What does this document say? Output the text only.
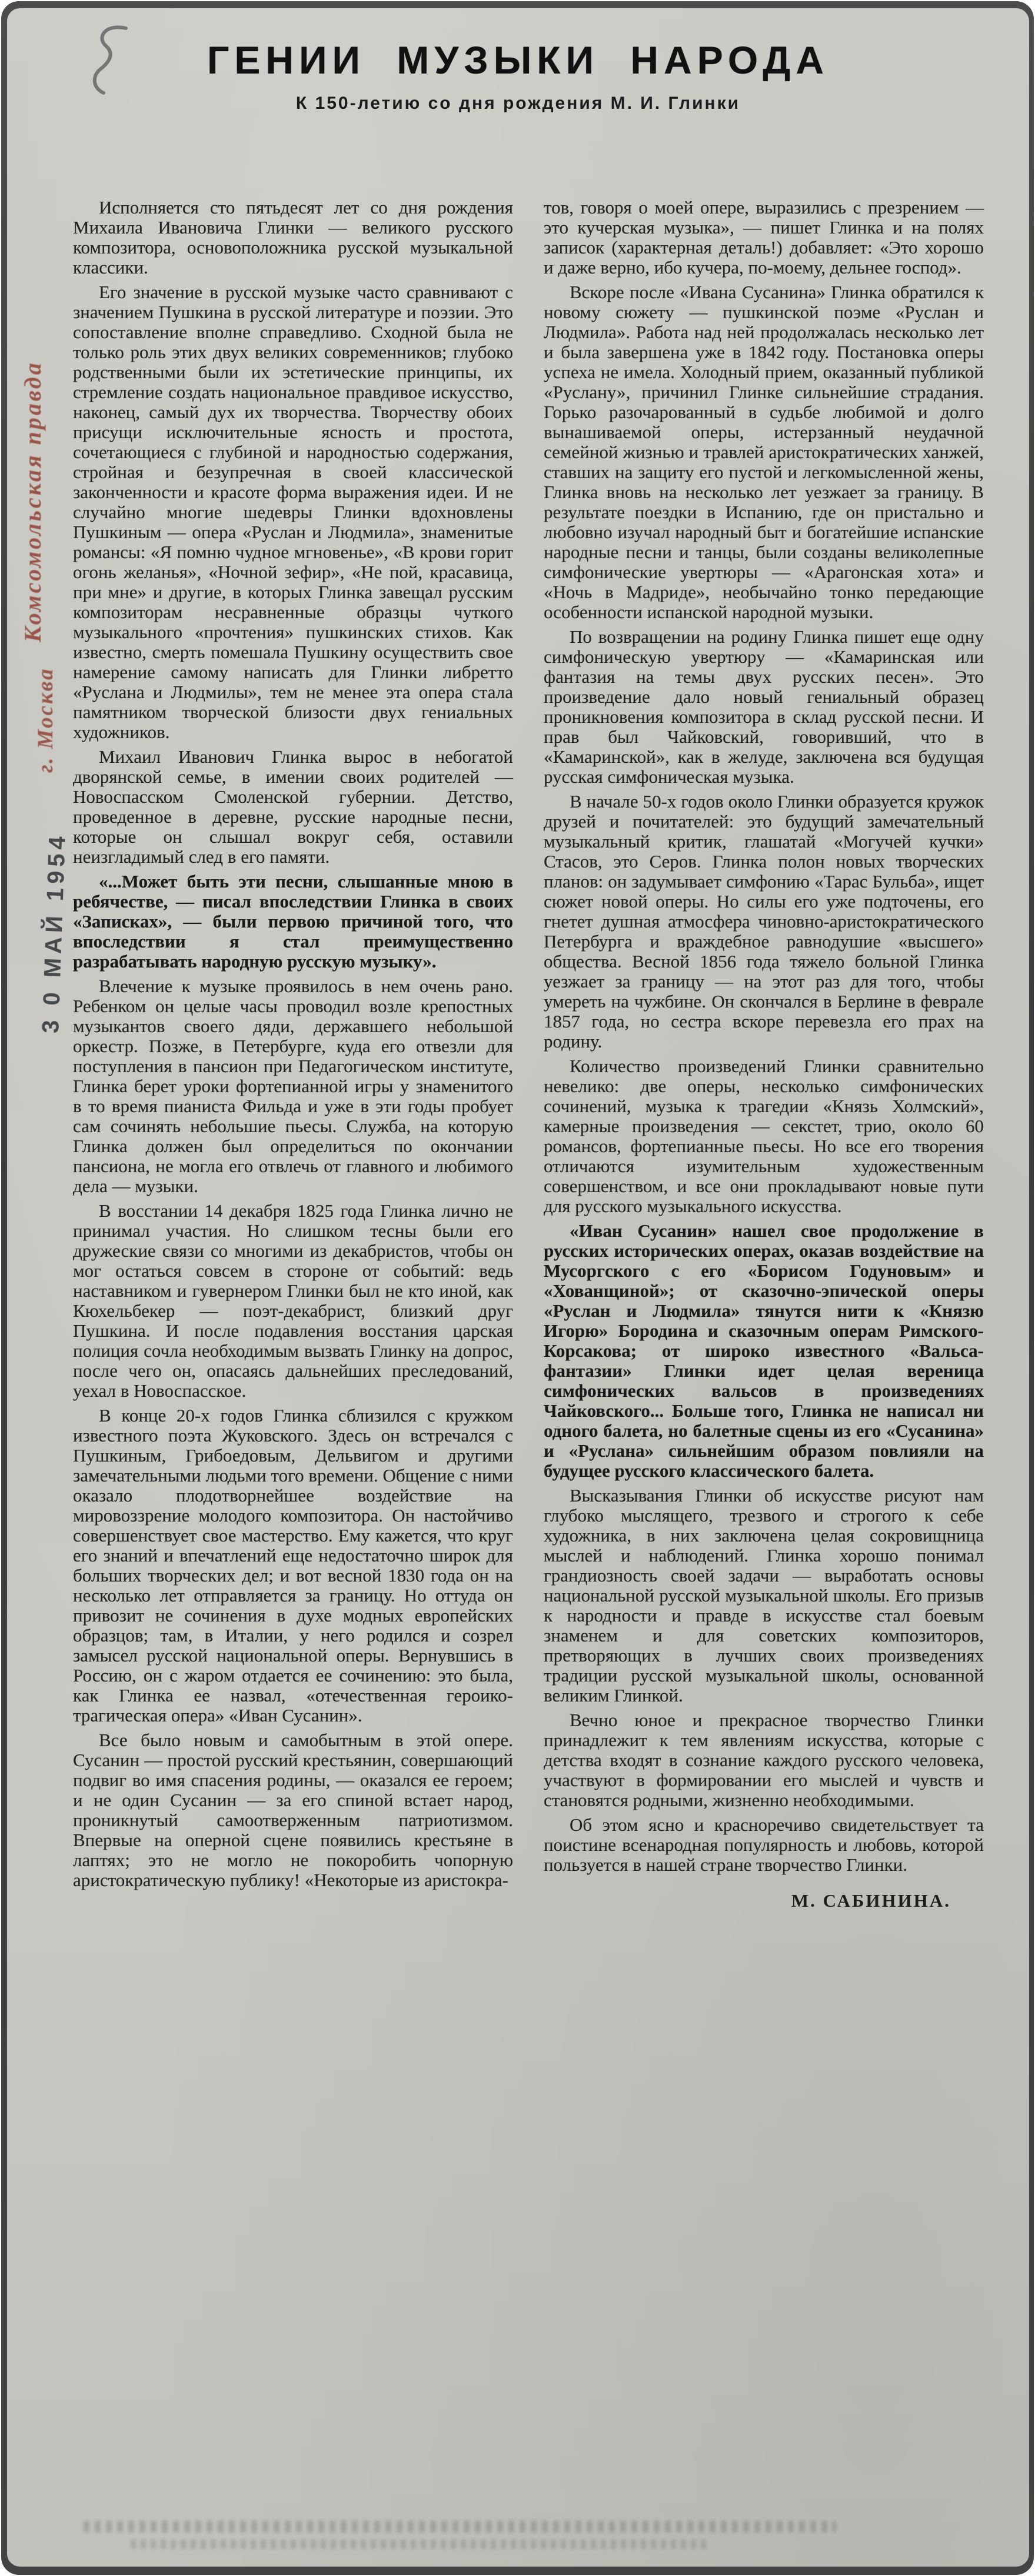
ГЕНИИ МУЗЫКИ НАРОДА
К 150-летию со дня рождения М. И. Глинки
Комсомольская правда
г. Москва
3 0 МАЙ 1954

Исполняется сто пятьдесят лет со дня рождения Михаила Ивановича Глинки — великого русского композитора, основоположника русской музыкальной классики.

Его значение в русской музыке часто сравнивают с значением Пушкина в русской литературе и поэзии. Это сопоставление вполне справедливо. Сходной была не только роль этих двух великих современников; глубоко родственными были их эстетические принципы, их стремление создать национальное правдивое искусство, наконец, самый дух их творчества. Творчеству обоих присущи исключительные ясность и простота, сочетающиеся с глубиной и народностью содержания, стройная и безупречная в своей классической законченности и красоте форма выражения идеи. И не случайно многие шедевры Глинки вдохновлены Пушкиным — опера «Руслан и Людмила», знаменитые романсы: «Я помню чудное мгновенье», «В крови горит огонь желанья», «Ночной зефир», «Не пой, красавица, при мне» и другие, в которых Глинка завещал русским композиторам несравненные образцы чуткого музыкального «прочтения» пушкинских стихов. Как известно, смерть помешала Пушкину осуществить свое намерение самому написать для Глинки либретто «Руслана и Людмилы», тем не менее эта опера стала памятником творческой близости двух гениальных художников.

Михаил Иванович Глинка вырос в небогатой дворянской семье, в имении своих родителей — Новоспасском Смоленской губернии. Детство, проведенное в деревне, русские народные песни, которые он слышал вокруг себя, оставили неизгладимый след в его памяти.

«...Может быть эти песни, слышанные мною в ребячестве, — писал впоследствии Глинка в своих «Записках», — были первою причиной того, что впоследствии я стал преимущественно разрабатывать народную русскую музыку».

Влечение к музыке проявилось в нем очень рано. Ребенком он целые часы проводил возле крепостных музыкантов своего дяди, державшего небольшой оркестр. Позже, в Петербурге, куда его отвезли для поступления в пансион при Педагогическом институте, Глинка берет уроки фортепианной игры у знаменитого в то время пианиста Фильда и уже в эти годы пробует сам сочинять небольшие пьесы. Служба, на которую Глинка должен был определиться по окончании пансиона, не могла его отвлечь от главного и любимого дела — музыки.

В восстании 14 декабря 1825 года Глинка лично не принимал участия. Но слишком тесны были его дружеские связи со многими из декабристов, чтобы он мог остаться совсем в стороне от событий: ведь наставником и гувернером Глинки был не кто иной, как Кюхельбекер — поэт-декабрист, близкий друг Пушкина. И после подавления восстания царская полиция сочла необходимым вызвать Глинку на допрос, после чего он, опасаясь дальнейших преследований, уехал в Новоспасское.

В конце 20-х годов Глинка сблизился с кружком известного поэта Жуковского. Здесь он встречался с Пушкиным, Грибоедовым, Дельвигом и другими замечательными людьми того времени. Общение с ними оказало плодотворнейшее воздействие на мировоззрение молодого композитора. Он настойчиво совершенствует свое мастерство. Ему кажется, что круг его знаний и впечатлений еще недостаточно широк для больших творческих дел; и вот весной 1830 года он на несколько лет отправляется за границу. Но оттуда он привозит не сочинения в духе модных европейских образцов; там, в Италии, у него родился и созрел замысел русской национальной оперы. Вернувшись в Россию, он с жаром отдается ее сочинению: это была, как Глинка ее назвал, «отечественная героико-трагическая опера» «Иван Сусанин».

Все было новым и самобытным в этой опере. Сусанин — простой русский крестьянин, совершающий подвиг во имя спасения родины, — оказался ее героем; и не один Сусанин — за его спиной встает народ, проникнутый самоотверженным патриотизмом. Впервые на оперной сцене появились крестьяне в лаптях; это не могло не покоробить чопорную аристократическую публику! «Некоторые из аристокра-

тов, говоря о моей опере, выразились с презрением — это кучерская музыка», — пишет Глинка и на полях записок (характерная деталь!) добавляет: «Это хорошо и даже верно, ибо кучера, по-моему, дельнее господ».

Вскоре после «Ивана Сусанина» Глинка обратился к новому сюжету — пушкинской поэме «Руслан и Людмила». Работа над ней продолжалась несколько лет и была завершена уже в 1842 году. Постановка оперы успеха не имела. Холодный прием, оказанный публикой «Руслану», причинил Глинке сильнейшие страдания. Горько разочарованный в судьбе любимой и долго вынашиваемой оперы, истерзанный неудачной семейной жизнью и травлей аристократических ханжей, ставших на защиту его пустой и легкомысленной жены, Глинка вновь на несколько лет уезжает за границу. В результате поездки в Испанию, где он пристально и любовно изучал народный быт и богатейшие испанские народные песни и танцы, были созданы великолепные симфонические увертюры — «Арагонская хота» и «Ночь в Мадриде», необычайно тонко передающие особенности испанской народной музыки.

По возвращении на родину Глинка пишет еще одну симфоническую увертюру — «Камаринская или фантазия на темы двух русских песен». Это произведение дало новый гениальный образец проникновения композитора в склад русской песни. И прав был Чайковский, говоривший, что в «Камаринской», как в желуде, заключена вся будущая русская симфоническая музыка.

В начале 50-х годов около Глинки образуется кружок друзей и почитателей: это будущий замечательный музыкальный критик, глашатай «Могучей кучки» Стасов, это Серов. Глинка полон новых творческих планов: он задумывает симфонию «Тарас Бульба», ищет сюжет новой оперы. Но силы его уже подточены, его гнетет душная атмосфера чиновно-аристократического Петербурга и враждебное равнодушие «высшего» общества. Весной 1856 года тяжело больной Глинка уезжает за границу — на этот раз для того, чтобы умереть на чужбине. Он скончался в Берлине в феврале 1857 года, но сестра вскоре перевезла его прах на родину.

Количество произведений Глинки сравнительно невелико: две оперы, несколько симфонических сочинений, музыка к трагедии «Князь Холмский», камерные произведения — секстет, трио, около 60 романсов, фортепианные пьесы. Но все его творения отличаются изумительным художественным совершенством, и все они прокладывают новые пути для русского музыкального искусства.

«Иван Сусанин» нашел свое продолжение в русских исторических операх, оказав воздействие на Мусоргского с его «Борисом Годуновым» и «Хованщиной»; от сказочно-эпической оперы «Руслан и Людмила» тянутся нити к «Князю Игорю» Бородина и сказочным операм Римского-Корсакова; от широко известного «Вальса-фантазии» Глинки идет целая вереница симфонических вальсов в произведениях Чайковского... Больше того, Глинка не написал ни одного балета, но балетные сцены из его «Сусанина» и «Руслана» сильнейшим образом повлияли на будущее русского классического балета.

Высказывания Глинки об искусстве рисуют нам глубоко мыслящего, трезвого и строгого к себе художника, в них заключена целая сокровищница мыслей и наблюдений. Глинка хорошо понимал грандиозность своей задачи — выработать основы национальной русской музыкальной школы. Его призыв к народности и правде в искусстве стал боевым знаменем и для советских композиторов, претворяющих в лучших своих произведениях традиции русской музыкальной школы, основанной великим Глинкой.

Вечно юное и прекрасное творчество Глинки принадлежит к тем явлениям искусства, которые с детства входят в сознание каждого русского человека, участвуют в формировании его мыслей и чувств и становятся родными, жизненно необходимыми.

Об этом ясно и красноречиво свидетельствует та поистине всенародная популярность и любовь, которой пользуется в нашей стране творчество Глинки.

М. САБИНИНА.
